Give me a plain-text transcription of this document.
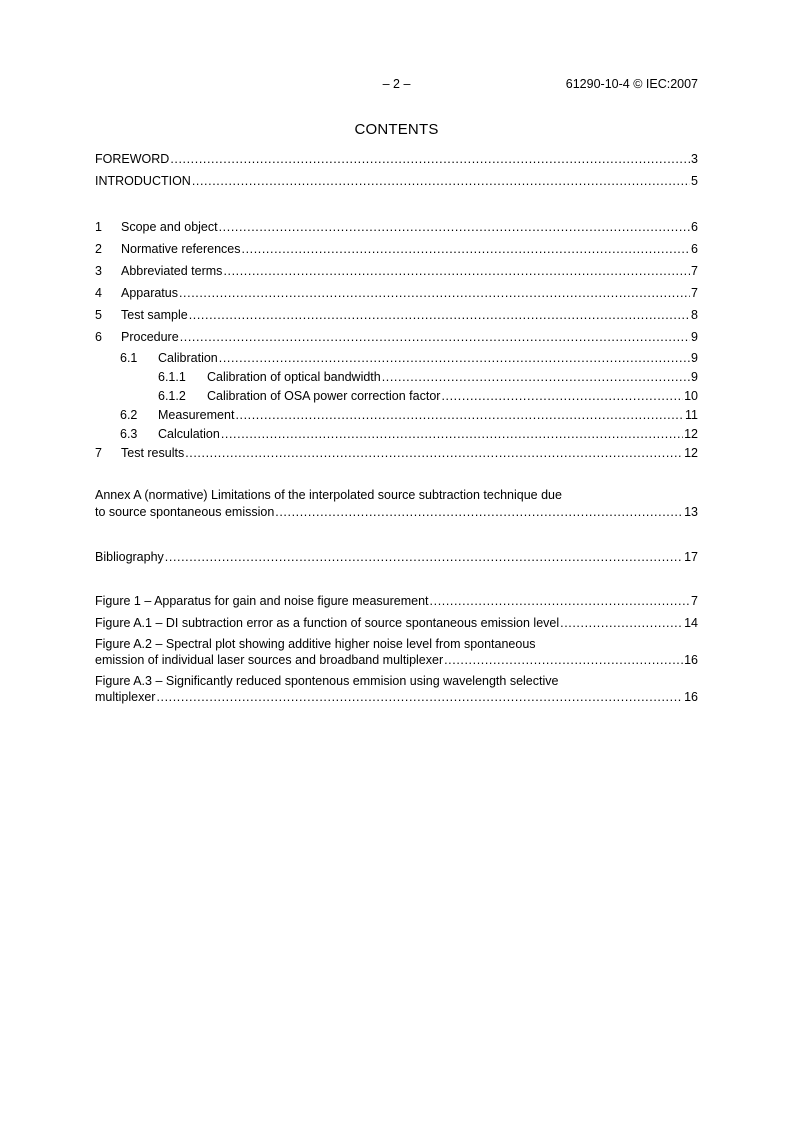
– 2 –	61290-10-4 © IEC:2007
CONTENTS
FOREWORD .....	3
INTRODUCTION .....	5
1	Scope and object .....	6
2	Normative references .....	6
3	Abbreviated terms .....	7
4	Apparatus .....	7
5	Test sample .....	8
6	Procedure .....	9
6.1	Calibration .....	9
6.1.1	Calibration of optical bandwidth .....	9
6.1.2	Calibration of OSA power correction factor .....	10
6.2	Measurement .....	11
6.3	Calculation .....	12
7	Test results .....	12
Annex A (normative) Limitations of the interpolated source subtraction technique due
to source spontaneous emission .....	13
Bibliography .....	17
Figure 1 – Apparatus for gain and noise figure measurement .....	7
Figure A.1 – DI subtraction error as a function of source spontaneous emission level .....	14
Figure A.2 – Spectral plot showing additive higher noise level from spontaneous
emission of individual laser sources and broadband multiplexer .....	16
Figure A.3 – Significantly reduced spontenous emmision using wavelength selective
multiplexer .....	16
